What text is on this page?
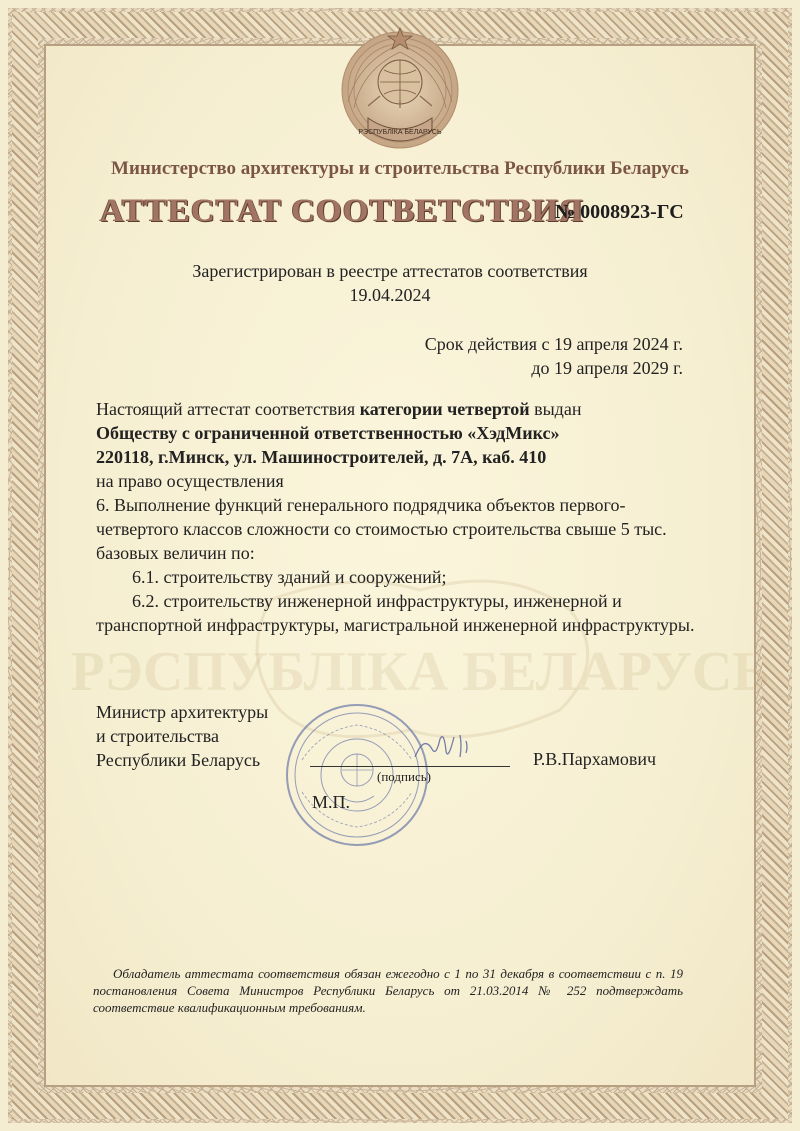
РЭСПУБЛІКА БЕЛАРУСЬ
РЭСПУБЛІКА БЕЛАРУСЬ
Министерство архитектуры и строительства Республики Беларусь
АТТЕСТАТ СООТВЕТСТВИЯ
№ 0008923-ГС
Зарегистрирован в реестре аттестатов соответствия
19.04.2024
Срок действия с 19 апреля 2024 г.
до 19 апреля 2029 г.
Настоящий аттестат соответствия категории четвертой выдан
Обществу с ограниченной ответственностью «ХэдМикс»
220118, г.Минск, ул. Машиностроителей, д. 7А, каб. 410
на право осуществления
6. Выполнение функций генерального подрядчика объектов первого-четвертого классов сложности со стоимостью строительства свыше 5 тыс. базовых величин по:
6.1. строительству зданий и сооружений;
6.2. строительству инженерной инфраструктуры, инженерной и транспортной инфраструктуры, магистральной инженерной инфраструктуры.
Министр архитектуры
и строительства
Республики Беларусь
(подпись)
Р.В.Пархамович
М.П.
Обладатель аттестата соответствия обязан ежегодно с 1 по 31 декабря в соответствии с п. 19 постановления Совета Министров Республики Беларусь от 21.03.2014 № 252 подтверждать соответствие квалификационным требованиям.
